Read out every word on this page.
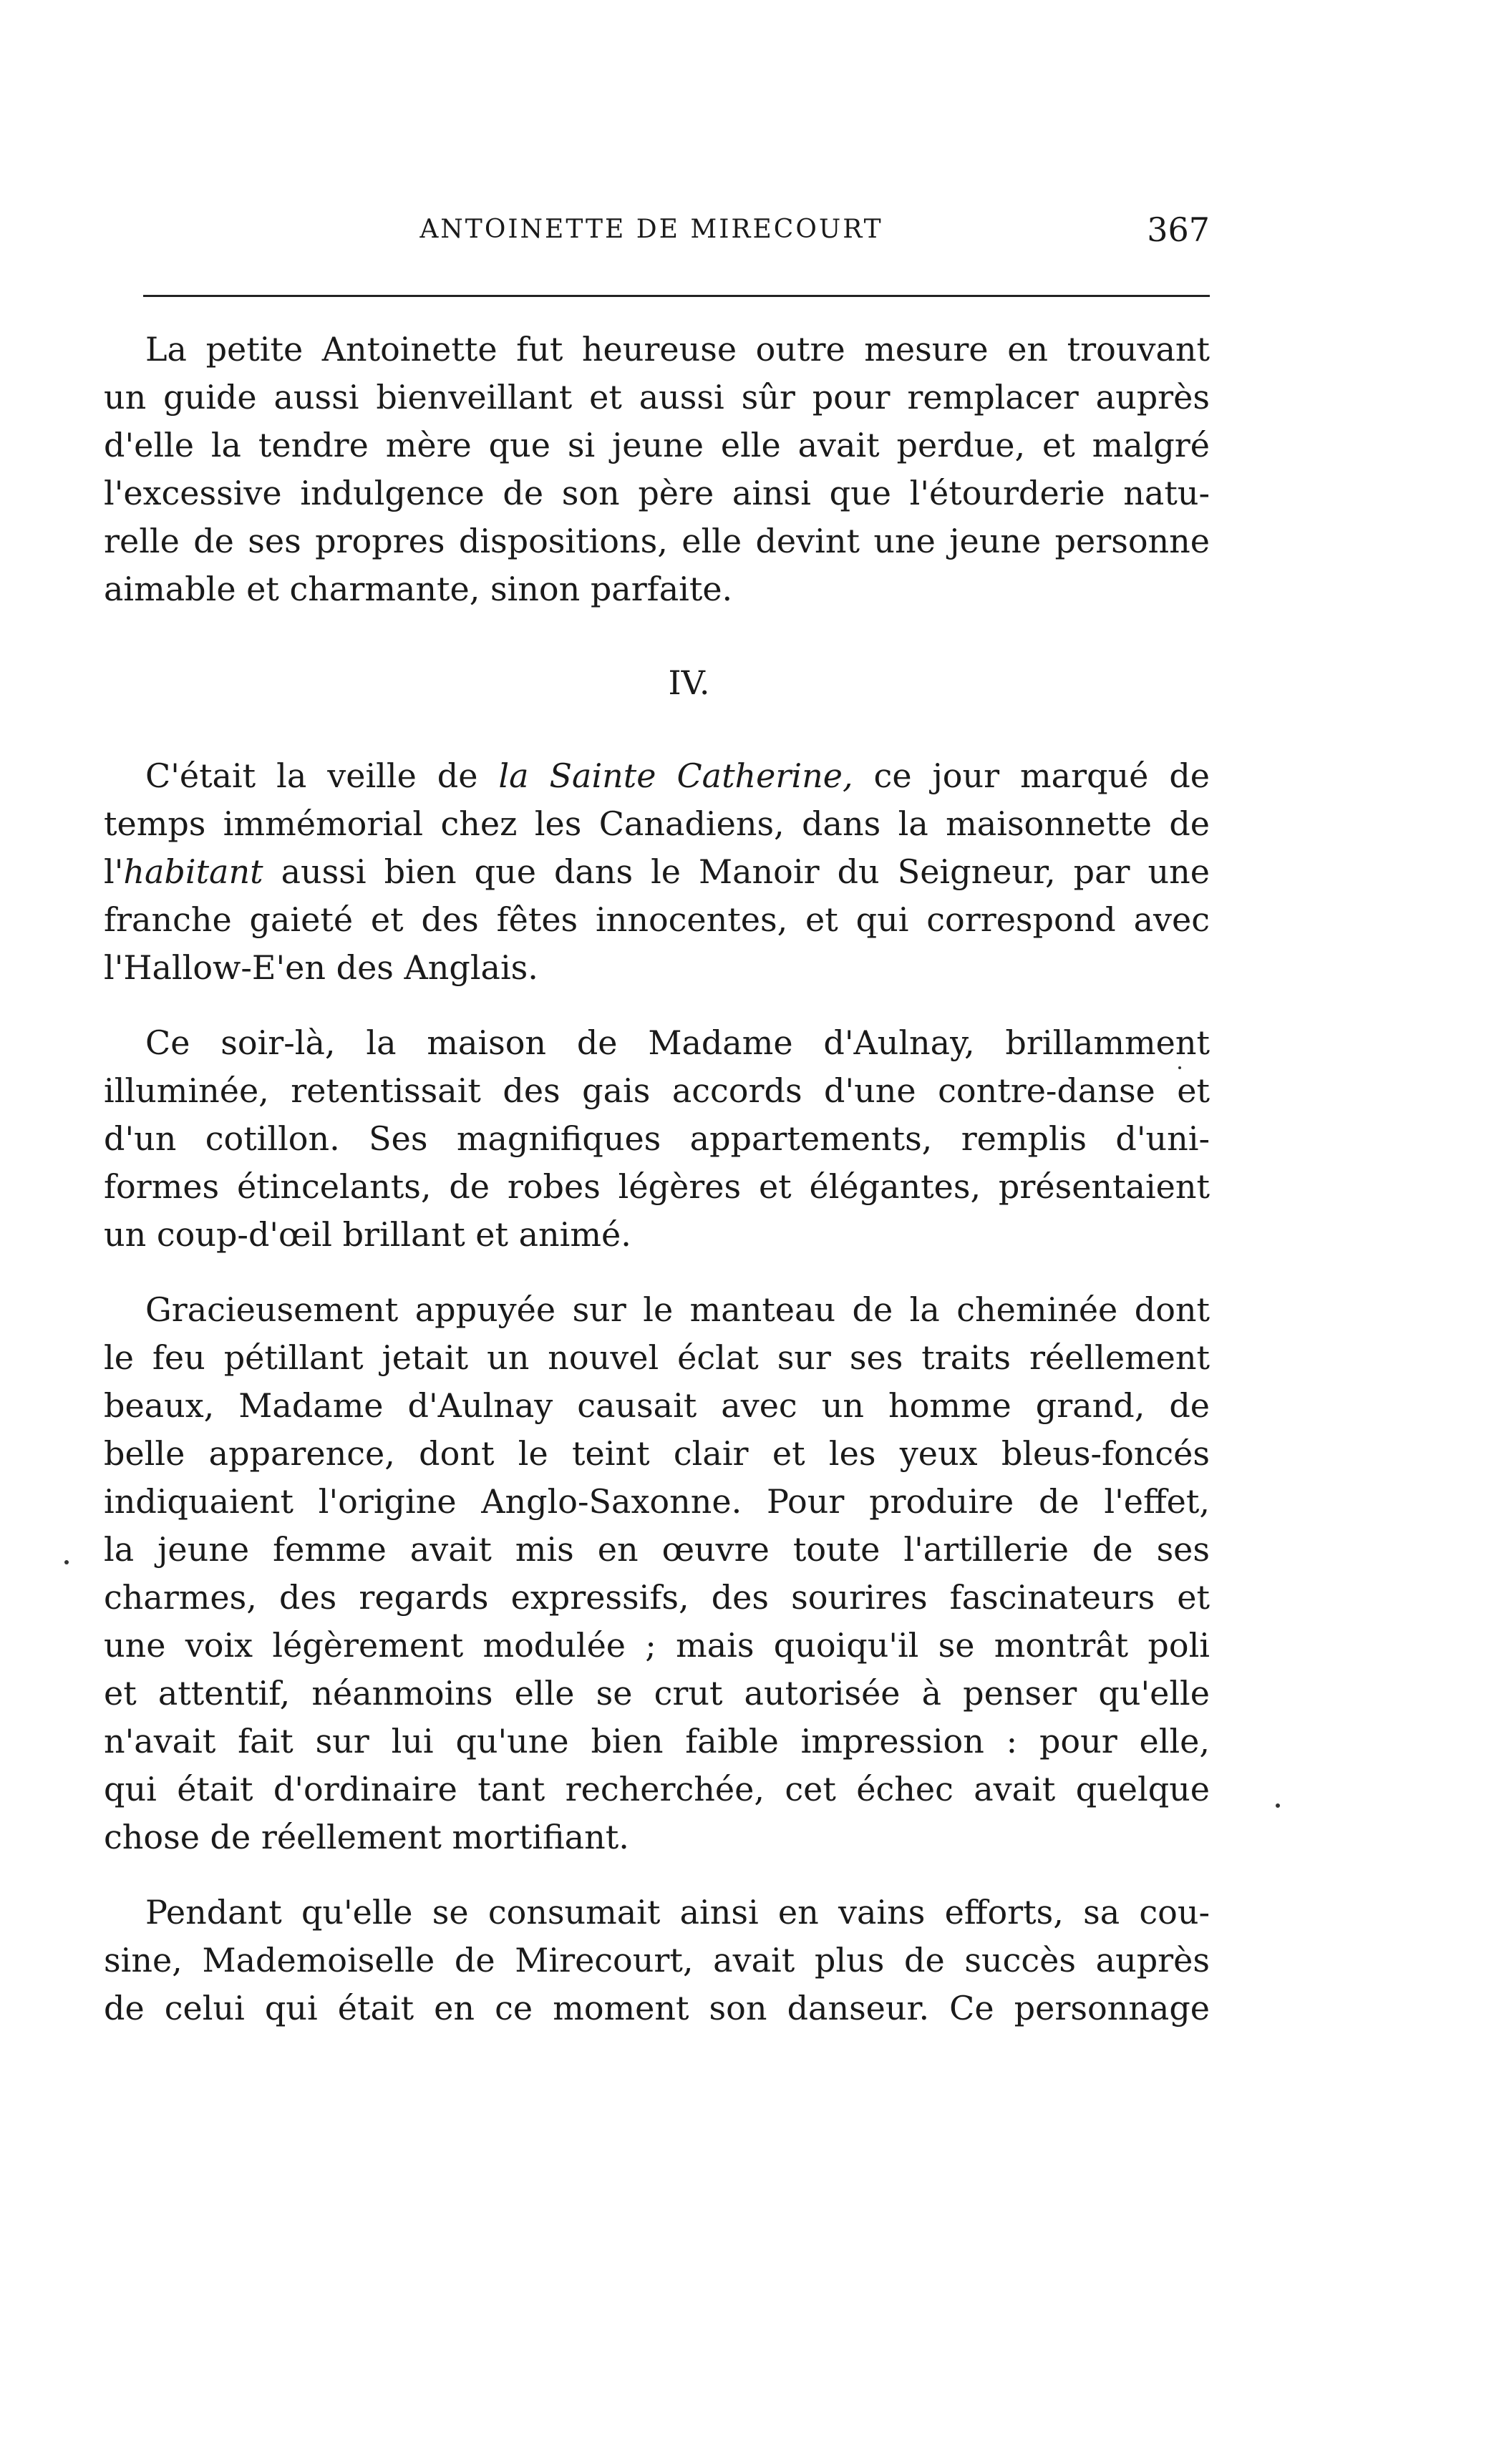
ANTOINETTE DE MIRECOURT	367

La petite Antoinette fut heureuse outre mesure en trouvant
un guide aussi bienveillant et aussi sûr pour remplacer auprès
d'elle la tendre mère que si jeune elle avait perdue, et malgré
l'excessive indulgence de son père ainsi que l'étourderie natu-
relle de ses propres dispositions, elle devint une jeune personne
aimable et charmante, sinon parfaite.

IV.

C'était la veille de la Sainte Catherine, ce jour marqué de
temps immémorial chez les Canadiens, dans la maisonnette de
l'habitant aussi bien que dans le Manoir du Seigneur, par une
franche gaieté et des fêtes innocentes, et qui correspond avec
l'Hallow-E'en des Anglais.

Ce soir-là, la maison de Madame d'Aulnay, brillamment
illuminée, retentissait des gais accords d'une contre-danse et
d'un cotillon. Ses magnifiques appartements, remplis d'uni-
formes étincelants, de robes légères et élégantes, présentaient
un coup-d'œil brillant et animé.

Gracieusement appuyée sur le manteau de la cheminée dont
le feu pétillant jetait un nouvel éclat sur ses traits réellement
beaux, Madame d'Aulnay causait avec un homme grand, de
belle apparence, dont le teint clair et les yeux bleus-foncés
indiquaient l'origine Anglo-Saxonne. Pour produire de l'effet,
la jeune femme avait mis en œuvre toute l'artillerie de ses
charmes, des regards expressifs, des sourires fascinateurs et
une voix légèrement modulée ; mais quoiqu'il se montrât poli
et attentif, néanmoins elle se crut autorisée à penser qu'elle
n'avait fait sur lui qu'une bien faible impression : pour elle,
qui était d'ordinaire tant recherchée, cet échec avait quelque
chose de réellement mortifiant.

Pendant qu'elle se consumait ainsi en vains efforts, sa cou-
sine, Mademoiselle de Mirecourt, avait plus de succès auprès
de celui qui était en ce moment son danseur. Ce personnage
